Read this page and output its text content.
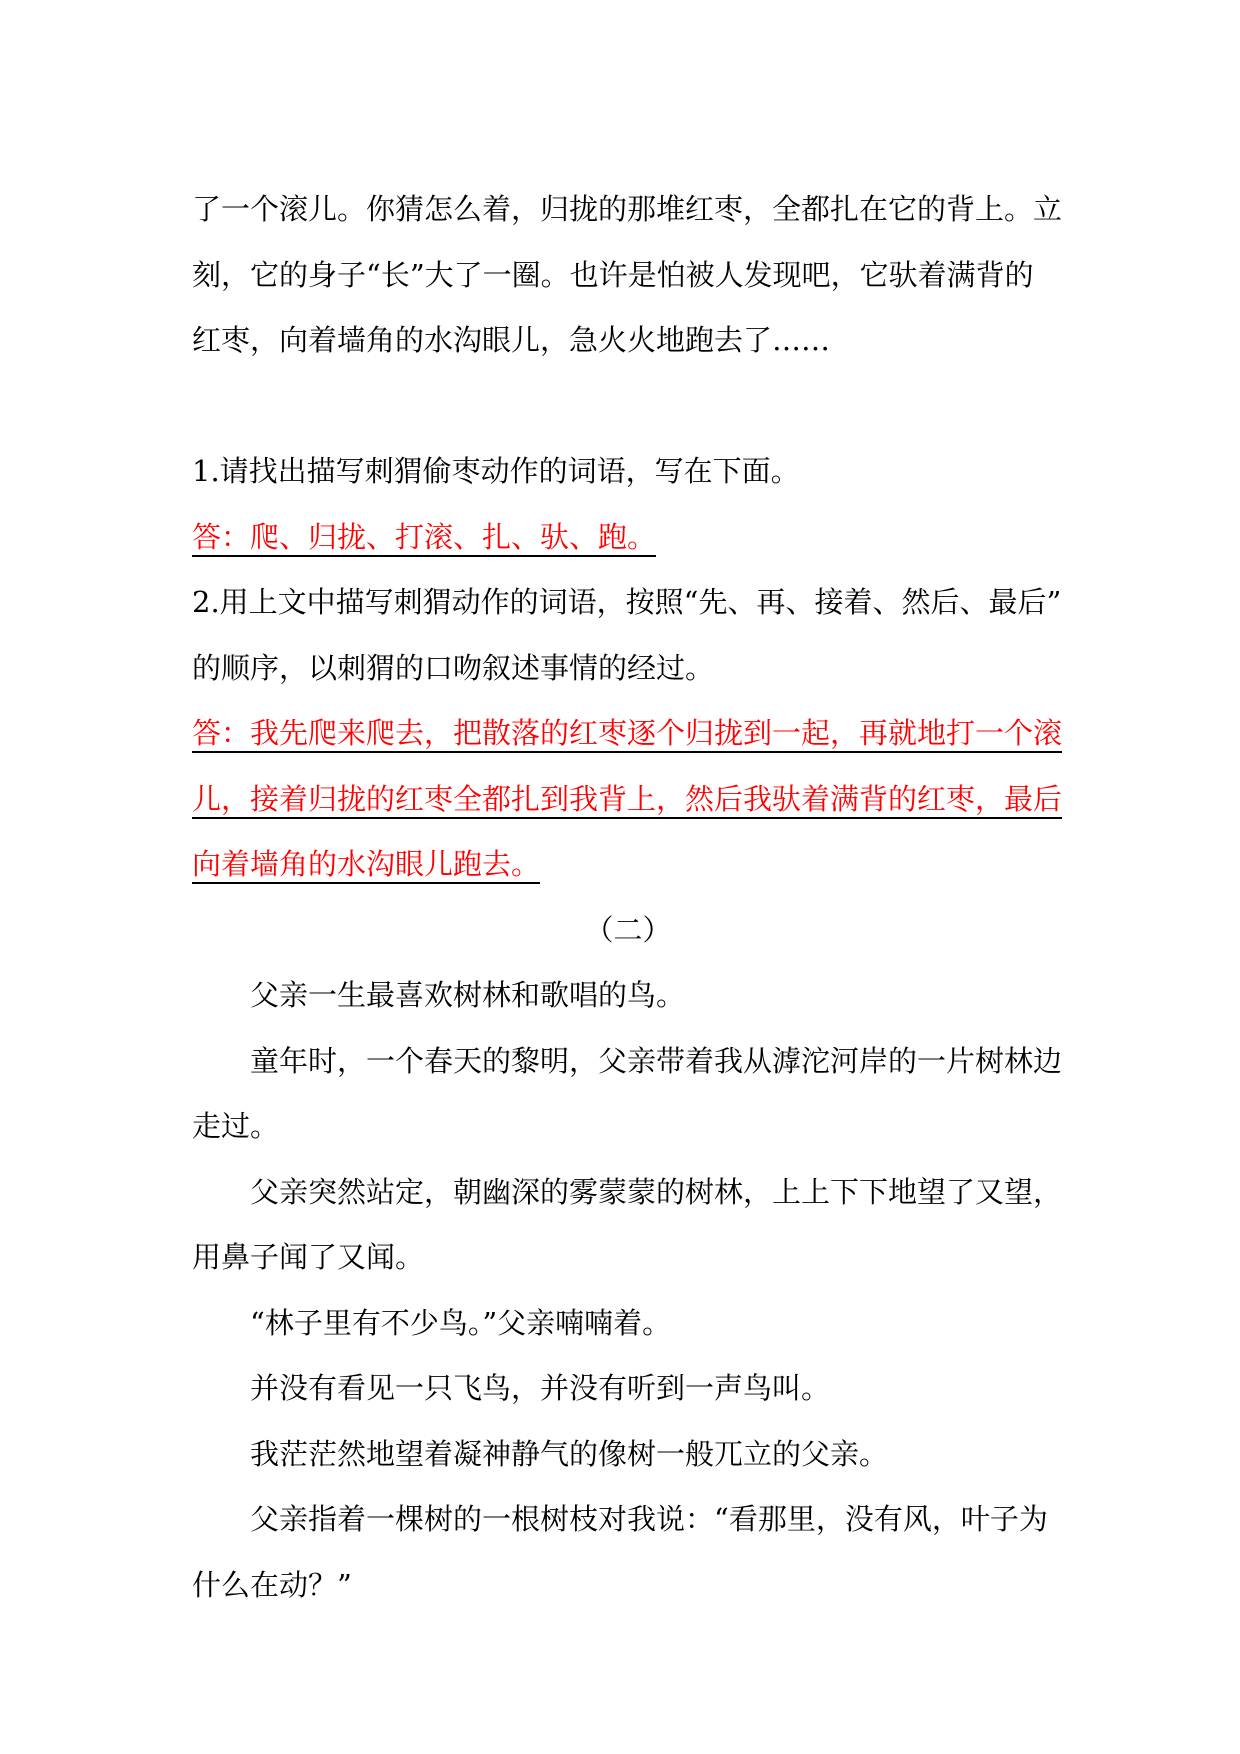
了一个滚儿。你猜怎么着，归拢的那堆红枣，全都扎在它的背上。立
刻，它的身子“长”大了一圈。也许是怕被人发现吧，它驮着满背的
红枣，向着墙角的水沟眼儿，急火火地跑去了……
1.请找出描写刺猬偷枣动作的词语，写在下面。
答：爬、归拢、打滚、扎、驮、跑。
2.用上文中描写刺猬动作的词语，按照“先、再、接着、然后、最后”
的顺序，以刺猬的口吻叙述事情的经过。
答：我先爬来爬去，把散落的红枣逐个归拢到一起，再就地打一个滚
儿，接着归拢的红枣全都扎到我背上，然后我驮着满背的红枣，最后
向着墙角的水沟眼儿跑去。
（二）
父亲一生最喜欢树林和歌唱的鸟。
童年时，一个春天的黎明，父亲带着我从滹沱河岸的一片树林边
走过。
父亲突然站定，朝幽深的雾蒙蒙的树林，上上下下地望了又望，
用鼻子闻了又闻。
“林子里有不少鸟。”父亲喃喃着。
并没有看见一只飞鸟，并没有听到一声鸟叫。
我茫茫然地望着凝神静气的像树一般兀立的父亲。
父亲指着一棵树的一根树枝对我说：“看那里，没有风，叶子为
什么在动？”
